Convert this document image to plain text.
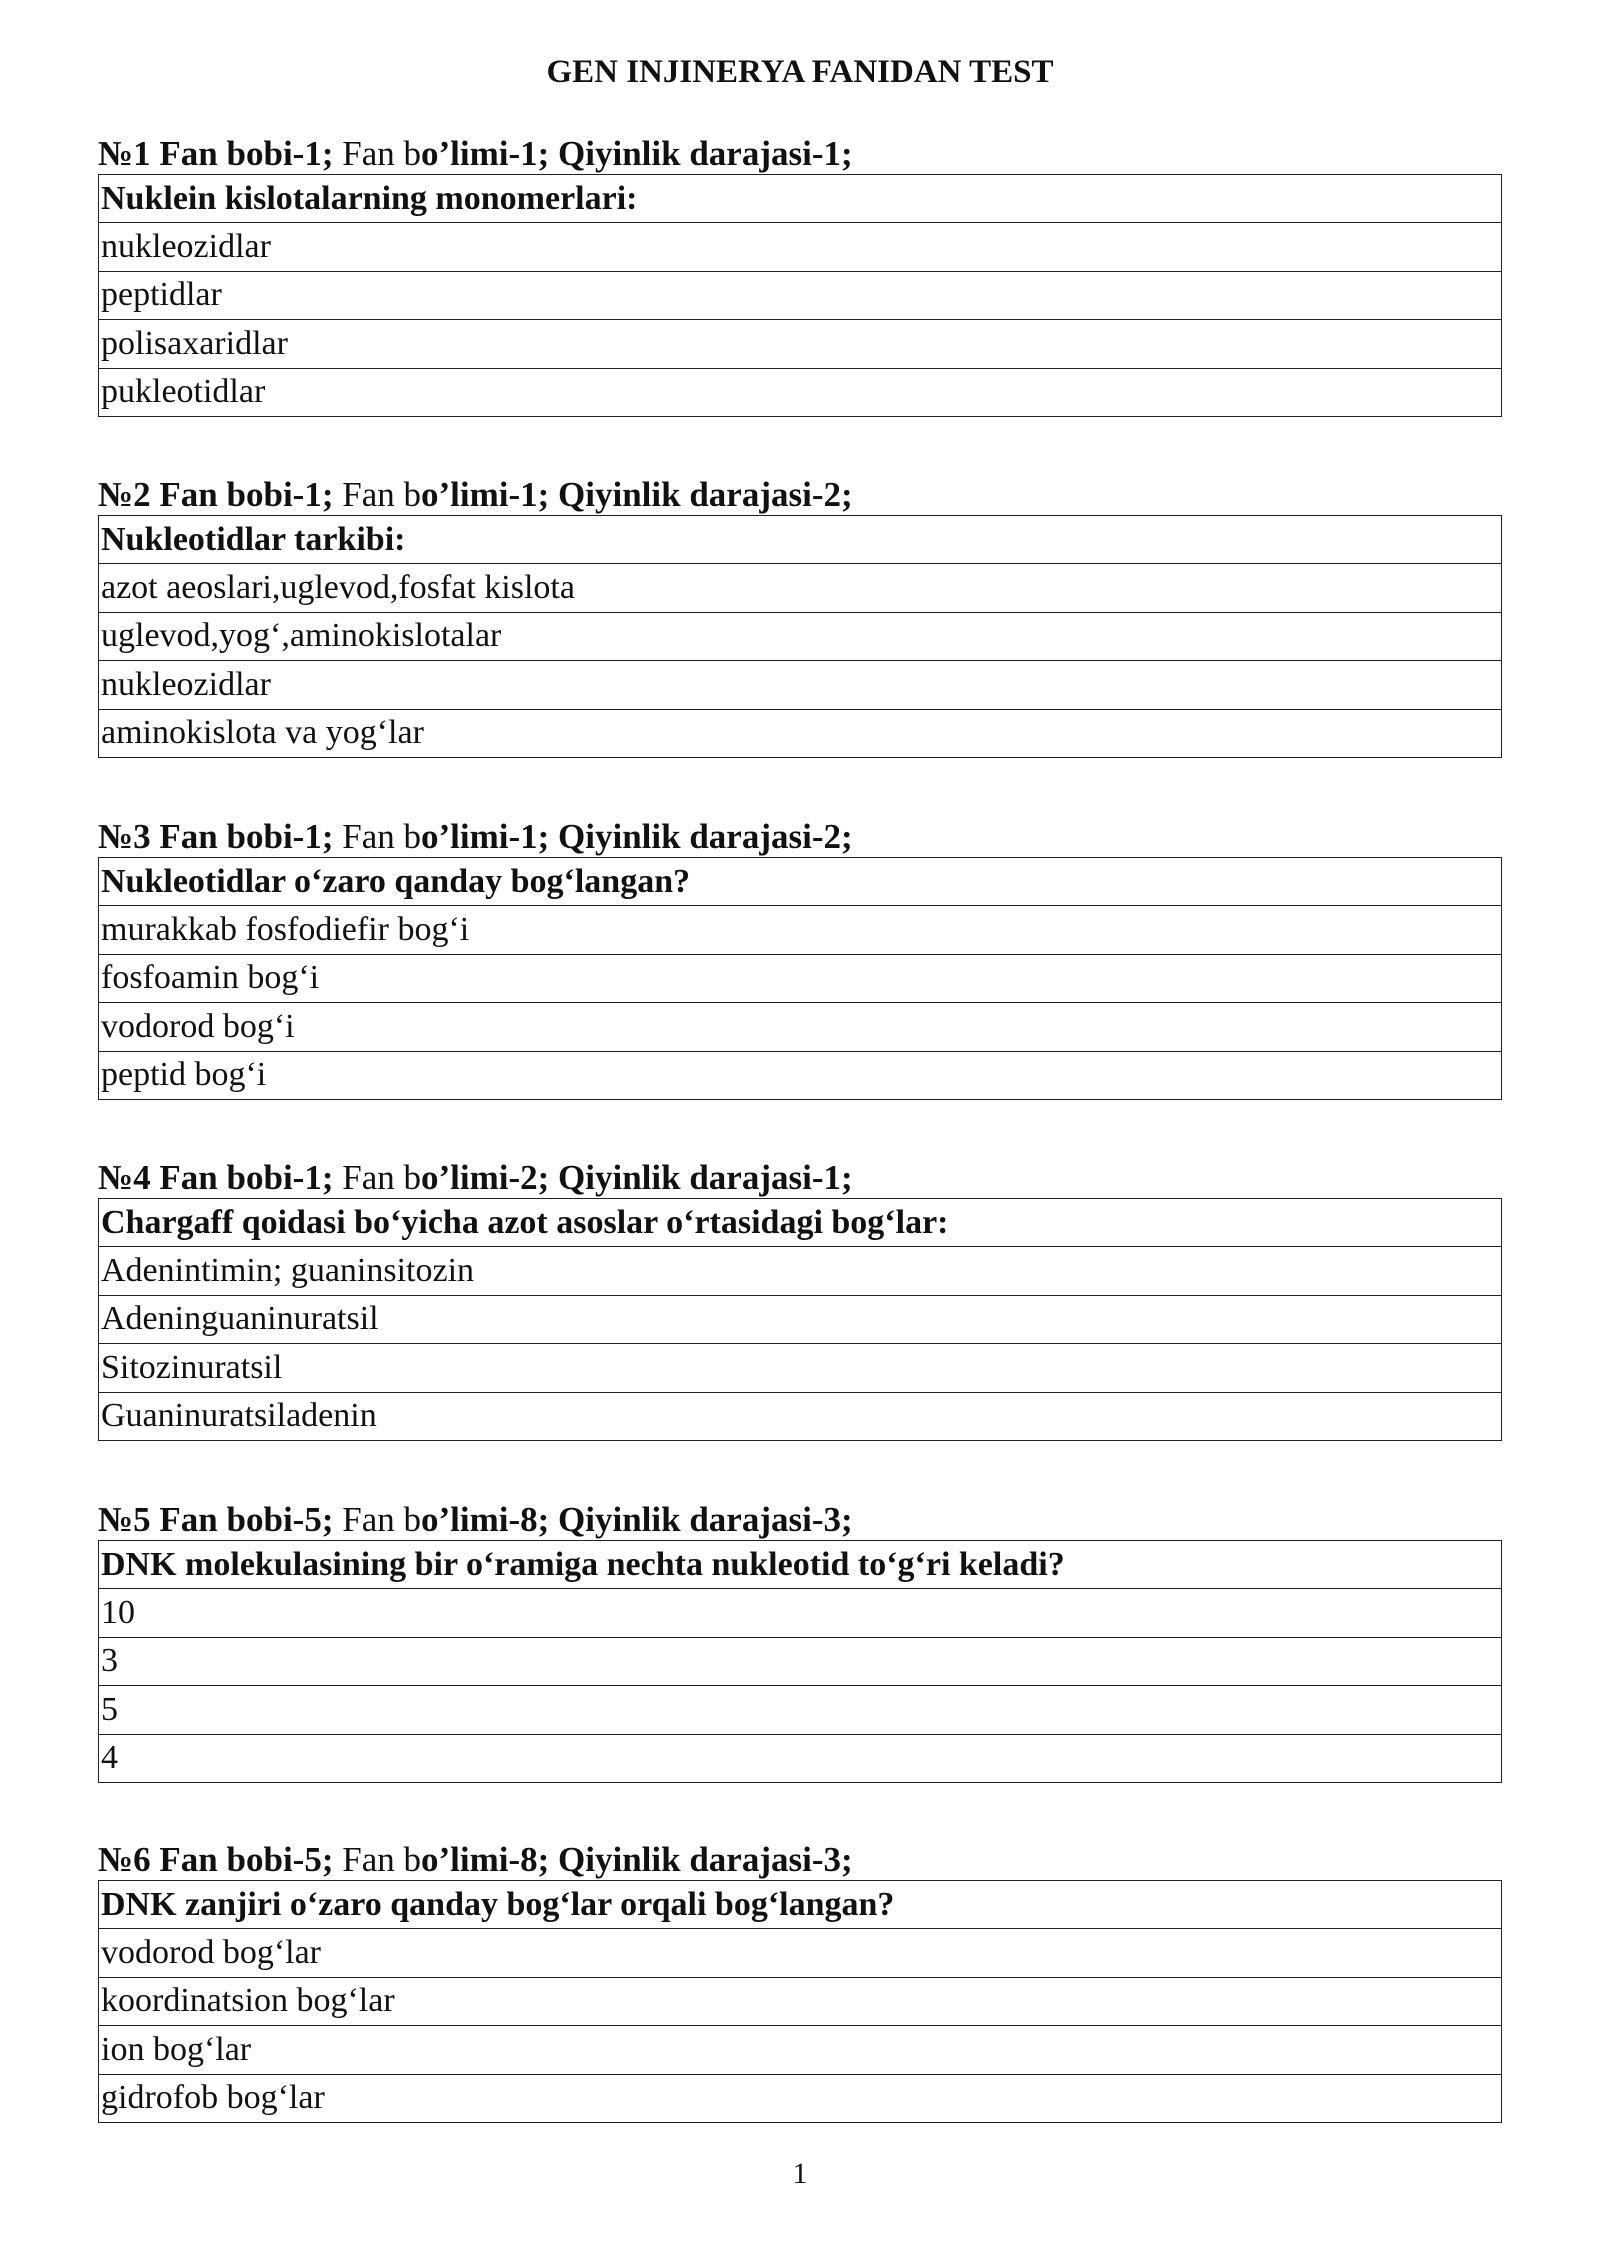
GEN INJINERYA FANIDAN TEST
№1 Fan bobi-1; Fan bo’limi-1; Qiyinlik darajasi-1;
Nuklein kislotalarning monomerlari:
nukleozidlar
peptidlar
polisaxaridlar
pukleotidlar
№2 Fan bobi-1; Fan bo’limi-1; Qiyinlik darajasi-2;
Nukleotidlar tarkibi:
azot aeoslari,uglevod,fosfat kislota
uglevod,yog‘,aminokislotalar
nukleozidlar
aminokislota va yog‘lar
№3 Fan bobi-1; Fan bo’limi-1; Qiyinlik darajasi-2;
Nukleotidlar o‘zaro qanday bog‘langan?
murakkab fosfodiefir bog‘i
fosfoamin bog‘i
vodorod bog‘i
peptid bog‘i
№4 Fan bobi-1; Fan bo’limi-2; Qiyinlik darajasi-1;
Chargaff qoidasi bo‘yicha azot asoslar o‘rtasidagi bog‘lar:
Adenintimin; guaninsitozin
Adeninguaninuratsil
Sitozinuratsil
Guaninuratsiladenin
№5 Fan bobi-5; Fan bo’limi-8; Qiyinlik darajasi-3;
DNK molekulasining bir o‘ramiga nechta nukleotid to‘g‘ri keladi?
10
3
5
4
№6 Fan bobi-5; Fan bo’limi-8; Qiyinlik darajasi-3;
DNK zanjiri o‘zaro qanday bog‘lar orqali bog‘langan?
vodorod bog‘lar
koordinatsion bog‘lar
ion bog‘lar
gidrofob bog‘lar
1
